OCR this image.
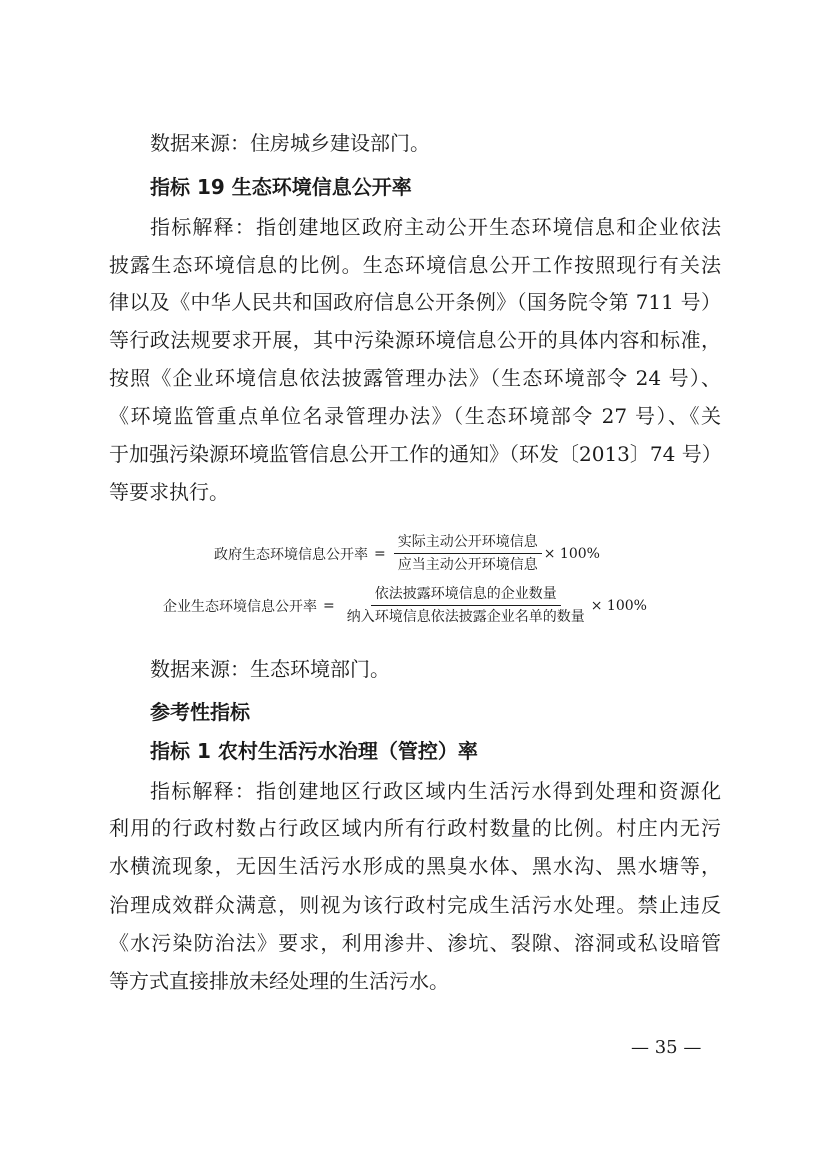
数据来源：住房城乡建设部门。
指标 19 生态环境信息公开率
指标解释：指创建地区政府主动公开生态环境信息和企业依法
披露生态环境信息的比例。生态环境信息公开工作按照现行有关法
律以及《中华人民共和国政府信息公开条例》（国务院令第 711 号）
等行政法规要求开展，其中污染源环境信息公开的具体内容和标准，
按照《企业环境信息依法披露管理办法》（生态环境部令 24 号）、
《环境监管重点单位名录管理办法》（生态环境部令 27 号）、《关
于加强污染源环境监管信息公开工作的通知》（环发〔2013〕74 号）
等要求执行。
政府生态环境信息公开率 = $\frac{\text{实际主动公开环境信息}}{\text{应当主动公开环境信息}} \times 100\%$
企业生态环境信息公开率 = $\frac{\text{依法披露环境信息的企业数量}}{\text{纳入环境信息依法披露企业名单的数量}} \times 100\%$
数据来源：生态环境部门。
参考性指标
指标 1 农村生活污水治理（管控）率
指标解释：指创建地区行政区域内生活污水得到处理和资源化
利用的行政村数占行政区域内所有行政村数量的比例。村庄内无污
水横流现象，无因生活污水形成的黑臭水体、黑水沟、黑水塘等，
治理成效群众满意，则视为该行政村完成生活污水处理。禁止违反
《水污染防治法》要求，利用渗井、渗坑、裂隙、溶洞或私设暗管
等方式直接排放未经处理的生活污水。
— 35 —
